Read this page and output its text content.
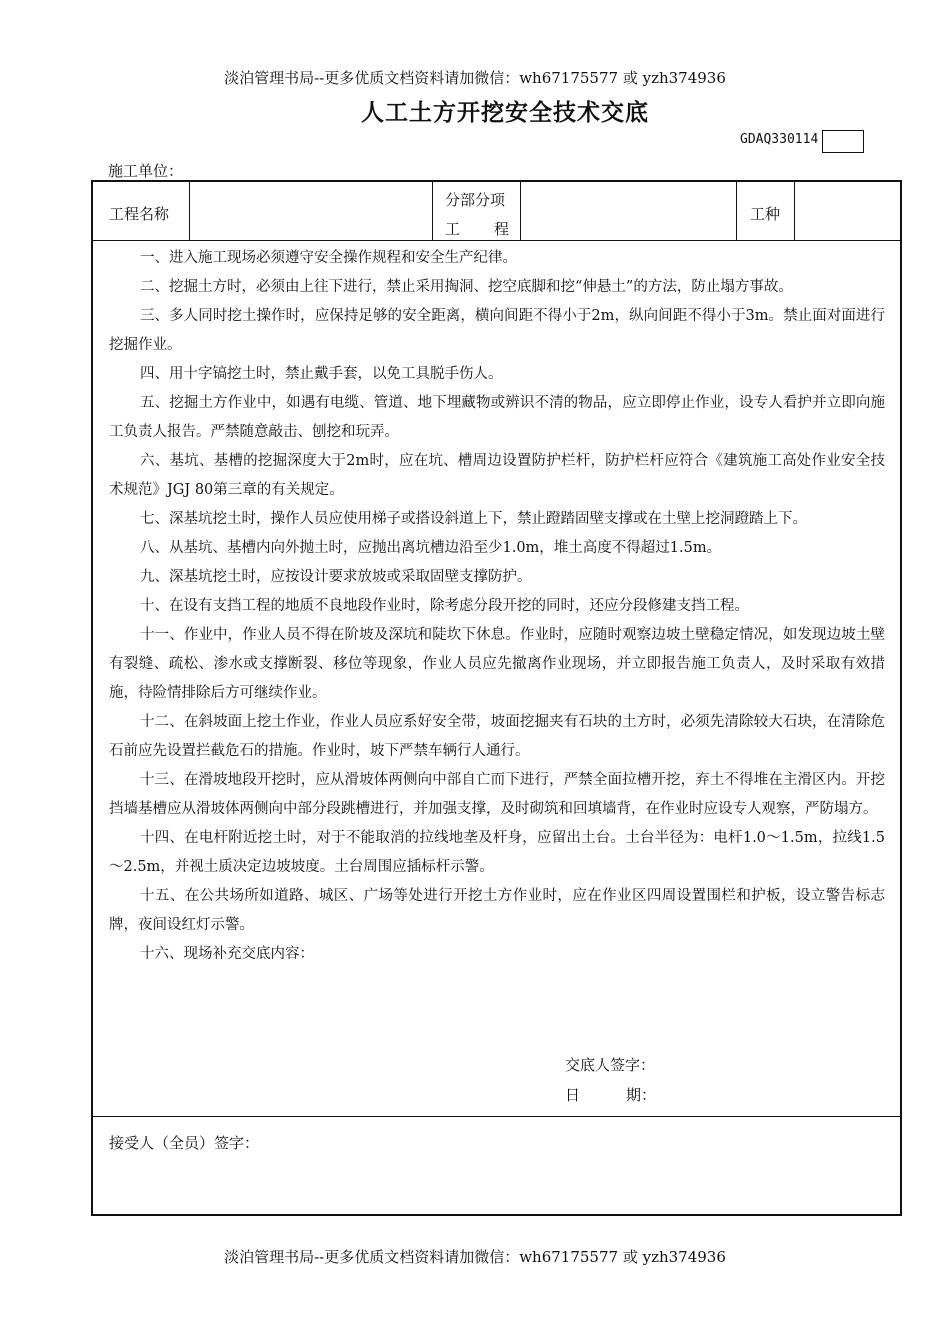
淡泊管理书局--更多优质文档资料请加微信：wh67175577 或 yzh374936
人工土方开挖安全技术交底
GDAQ330114
施工单位：
工程名称
分部分项
工 程
工种

一、进入施工现场必须遵守安全操作规程和安全生产纪律。

二、挖掘土方时，必须由上往下进行，禁止采用掏洞、挖空底脚和挖“伸悬土”的方法，防止塌方事故。

三、多人同时挖土操作时，应保持足够的安全距离，横向间距不得小于2m，纵向间距不得小于3m。禁止面对面进行挖掘作业。

四、用十字镐挖土时，禁止戴手套，以免工具脱手伤人。

五、挖掘土方作业中，如遇有电缆、管道、地下埋藏物或辨识不清的物品，应立即停止作业，设专人看护并立即向施工负责人报告。严禁随意敲击、刨挖和玩弄。

六、基坑、基槽的挖掘深度大于2m时，应在坑、槽周边设置防护栏杆，防护栏杆应符合《建筑施工高处作业安全技术规范》JGJ 80第三章的有关规定。

七、深基坑挖土时，操作人员应使用梯子或搭设斜道上下，禁止蹬踏固壁支撑或在土壁上挖洞蹬踏上下。

八、从基坑、基槽内向外抛土时，应抛出离坑槽边沿至少1.0m，堆土高度不得超过1.5m。

九、深基坑挖土时，应按设计要求放坡或采取固壁支撑防护。

十、在设有支挡工程的地质不良地段作业时，除考虑分段开挖的同时，还应分段修建支挡工程。

十一、作业中，作业人员不得在阶坡及深坑和陡坎下休息。作业时，应随时观察边坡土壁稳定情况，如发现边坡土壁有裂缝、疏松、渗水或支撑断裂、移位等现象，作业人员应先撤离作业现场，并立即报告施工负责人，及时采取有效措施，待险情排除后方可继续作业。

十二、在斜坡面上挖土作业，作业人员应系好安全带，坡面挖掘夹有石块的土方时，必须先清除较大石块，在清除危石前应先设置拦截危石的措施。作业时，坡下严禁车辆行人通行。

十三、在滑坡地段开挖时，应从滑坡体两侧向中部自亡而下进行，严禁全面拉槽开挖，弃土不得堆在主滑区内。开挖挡墙基槽应从滑坡体两侧向中部分段跳槽进行，并加强支撑，及时砌筑和回填墙背，在作业时应设专人观察，严防塌方。

十四、在电杆附近挖土时，对于不能取消的拉线地垄及杆身，应留出土台。土台半径为：电杆1.0～1.5m，拉线1.5～2.5m，并视土质决定边坡坡度。土台周围应插标杆示警。

十五、在公共场所如道路、城区、广场等处进行开挖土方作业时，应在作业区四周设置围栏和护板，设立警告标志牌，夜间设红灯示警。

十六、现场补充交底内容：

交底人签字：
日	期：
接受人（全员）签字：
淡泊管理书局--更多优质文档资料请加微信：wh67175577 或 yzh374936
